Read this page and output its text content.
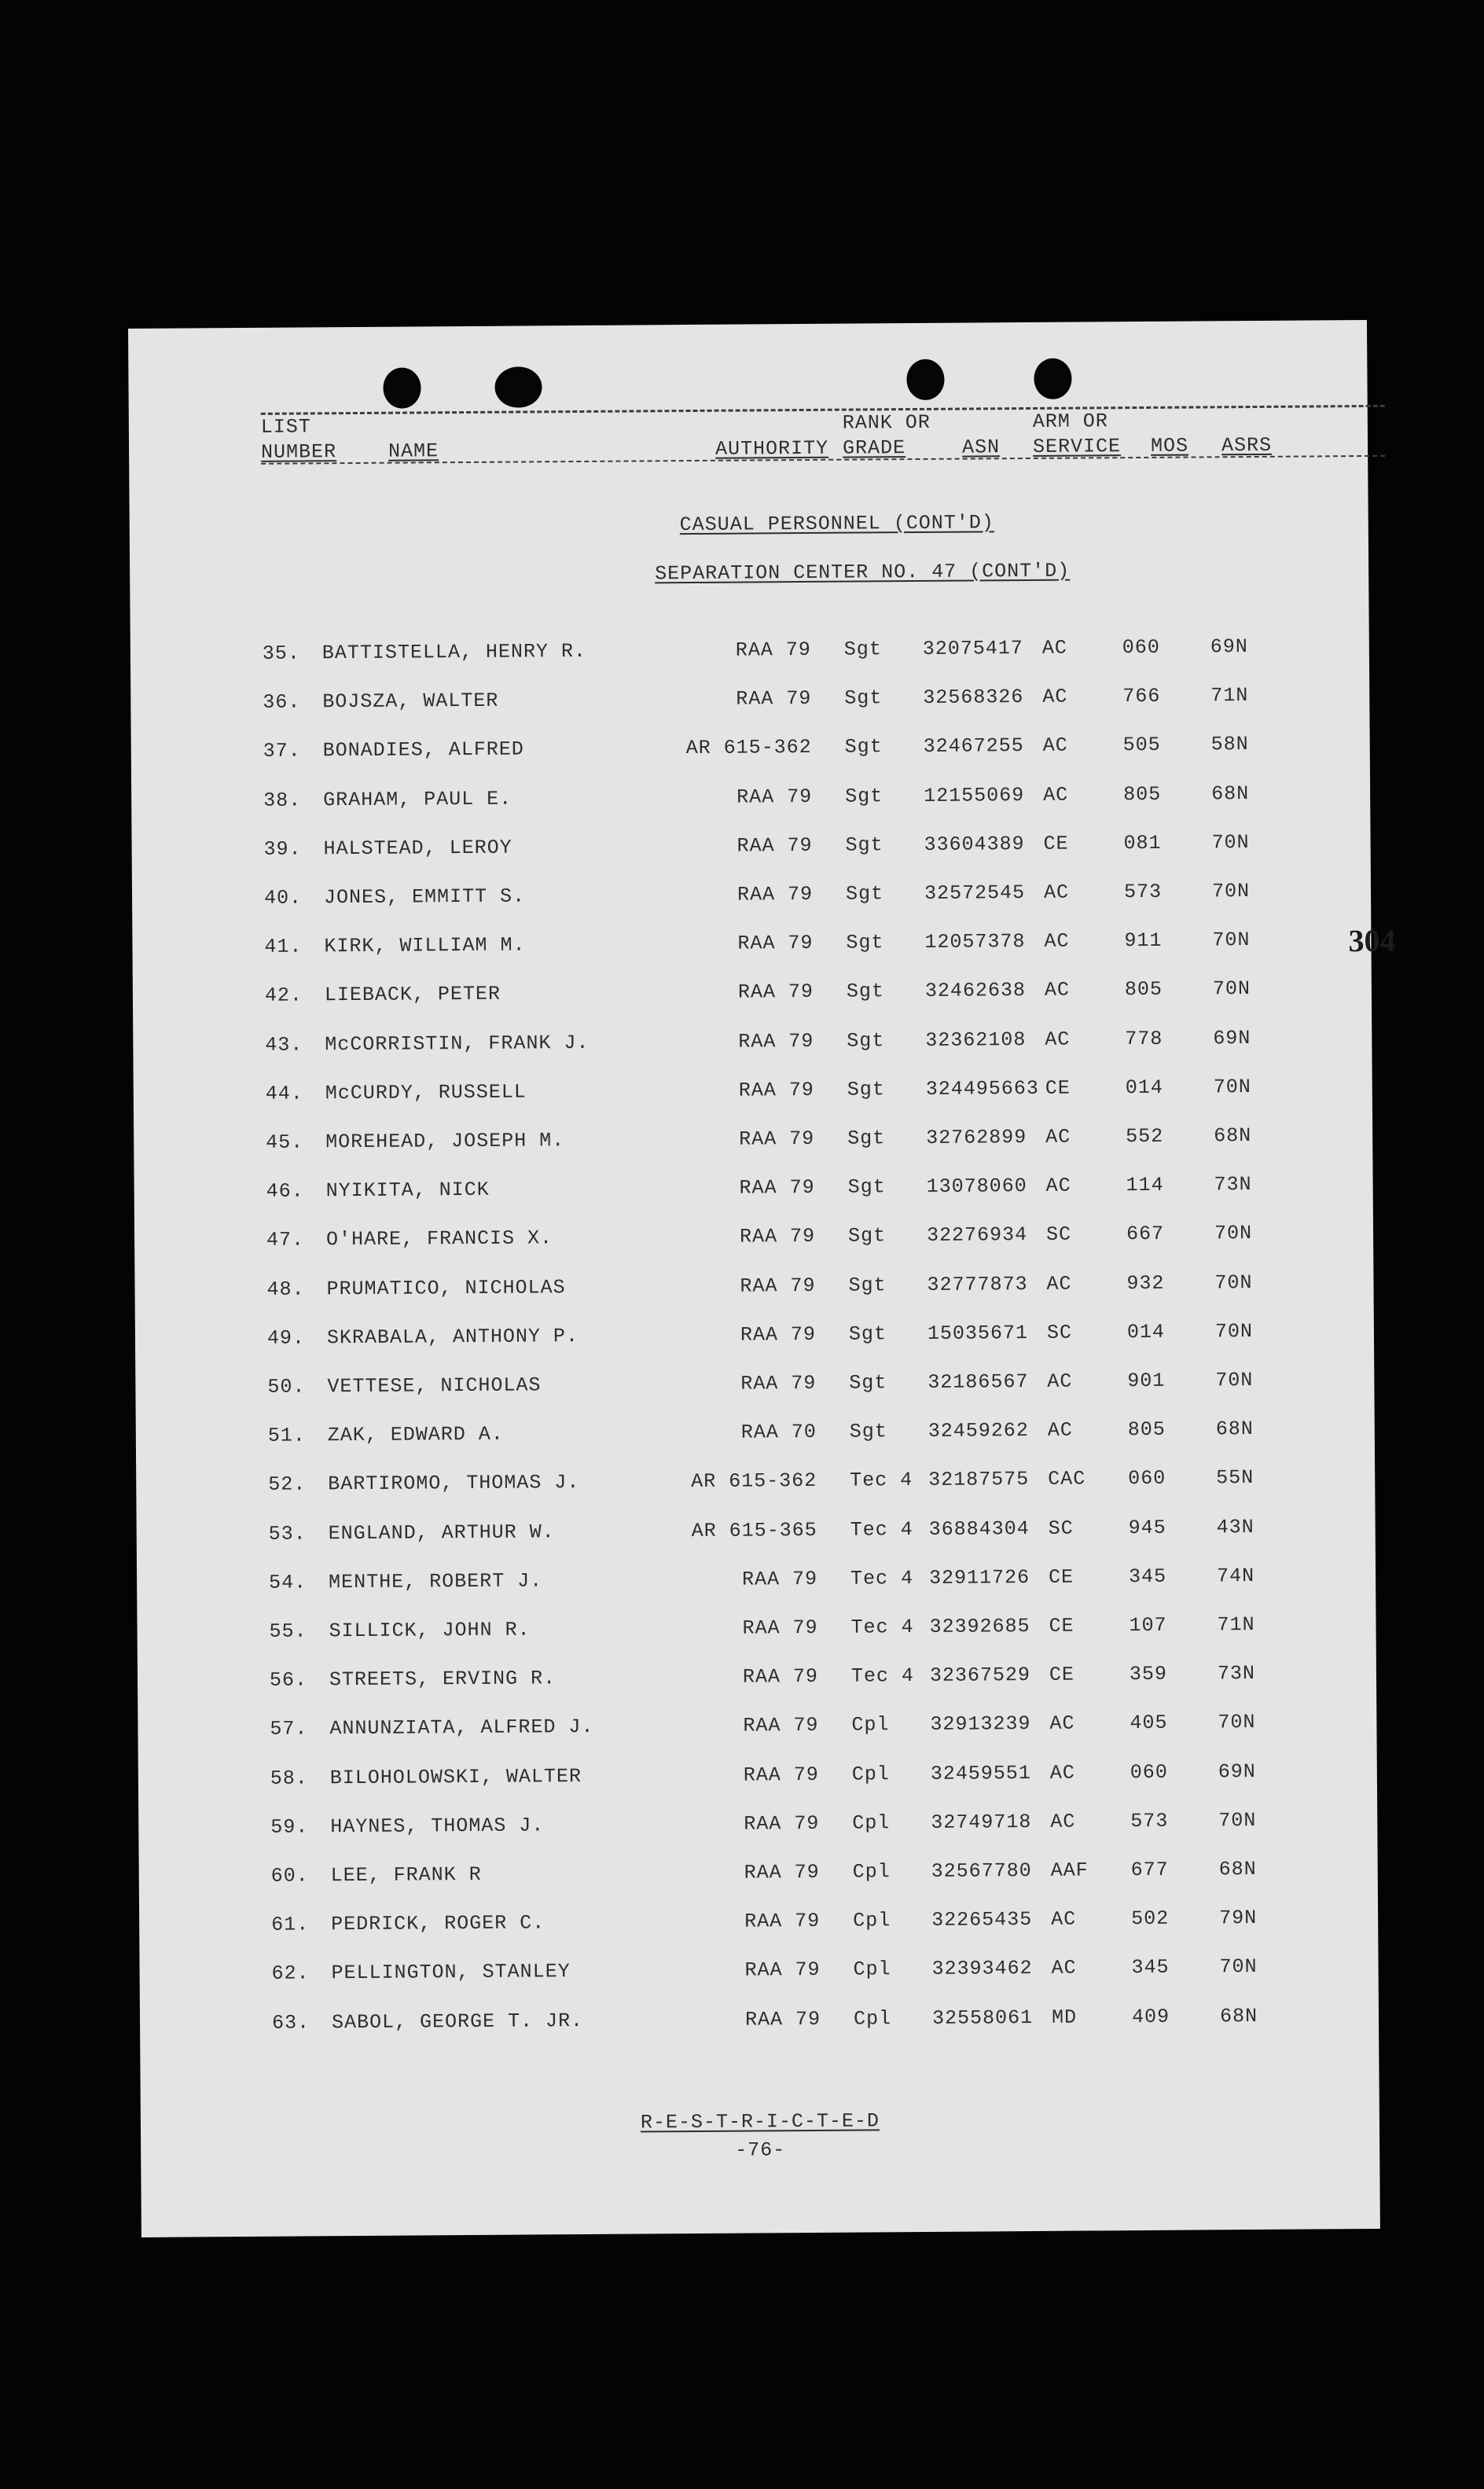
LIST
NUMBER	NAME	AUTHORITY
RANK OR
GRADE	ASN
ARM OR
SERVICE MOS ASRS
CASUAL PERSONNEL (CONT'D)
SEPARATION CENTER NO. 47 (CONT'D)
35. BATTISTELLA, HENRY R.	RAA 79 Sgt 32075417 AC	060	69N
36. BOJSZA, WALTER	RAA 79 Sgt 32568326 AC	766	71N
37. BONADIES, ALFRED	AR 615-362 Sgt 32467255 AC	505	58N
38. GRAHAM, PAUL E.	RAA 79 Sgt 12155069 AC	805	68N
39. HALSTEAD, LEROY	RAA 79 Sgt 33604389 CE	081	70N
40. JONES, EMMITT S.	RAA 79 Sgt 32572545 AC	573	70N
41. KIRK, WILLIAM M.	RAA 79 Sgt 12057378 AC	911	70N
42. LIEBACK, PETER	RAA 79 Sgt 32462638 AC	805	70N
43. McCORRISTIN, FRANK J.	RAA 79 Sgt 32362108 AC	778	69N
44. McCURDY, RUSSELL	RAA 79 Sgt 324495663 CE	014	70N
45. MOREHEAD, JOSEPH M.	RAA 79 Sgt 32762899 AC	552	68N
46. NYIKITA, NICK	RAA 79 Sgt 13078060 AC	114	73N
47. O'HARE, FRANCIS X.	RAA 79 Sgt 32276934 SC	667	70N
48. PRUMATICO, NICHOLAS	RAA 79 Sgt 32777873 AC	932	70N
49. SKRABALA, ANTHONY P.	RAA 79 Sgt 15035671 SC	014	70N
50. VETTESE, NICHOLAS	RAA 79 Sgt 32186567 AC	901	70N
51. ZAK, EDWARD A.	RAA 70 Sgt 32459262 AC	805	68N
52. BARTIROMO, THOMAS J.	AR 615-362 Tec 4 32187575 CAC 060	55N
53. ENGLAND, ARTHUR W.	AR 615-365 Tec 4 36884304 SC	945	43N
54. MENTHE, ROBERT J.	RAA 79 Tec 4 32911726 CE	345	74N
55. SILLICK, JOHN R.	RAA 79 Tec 4 32392685 CE	107	71N
56. STREETS, ERVING R.	RAA 79 Tec 4 32367529 CE	359	73N
57. ANNUNZIATA, ALFRED J.	RAA 79 Cpl 32913239 AC	405	70N
58. BILOHOLOWSKI, WALTER	RAA 79 Cpl 32459551 AC	060	69N
59. HAYNES, THOMAS J.	RAA 79 Cpl 32749718 AC	573	70N
60. LEE, FRANK R	RAA 79 Cpl 32567780 AAF 677	68N
61. PEDRICK, ROGER C.	RAA 79 Cpl 32265435 AC	502	79N
62. PELLINGTON, STANLEY	RAA 79 Cpl 32393462 AC	345	70N
63. SABOL, GEORGE T. JR.	RAA 79 Cpl 32558061 MD	409	68N
304
R-E-S-T-R-I-C-T-E-D
-76-
